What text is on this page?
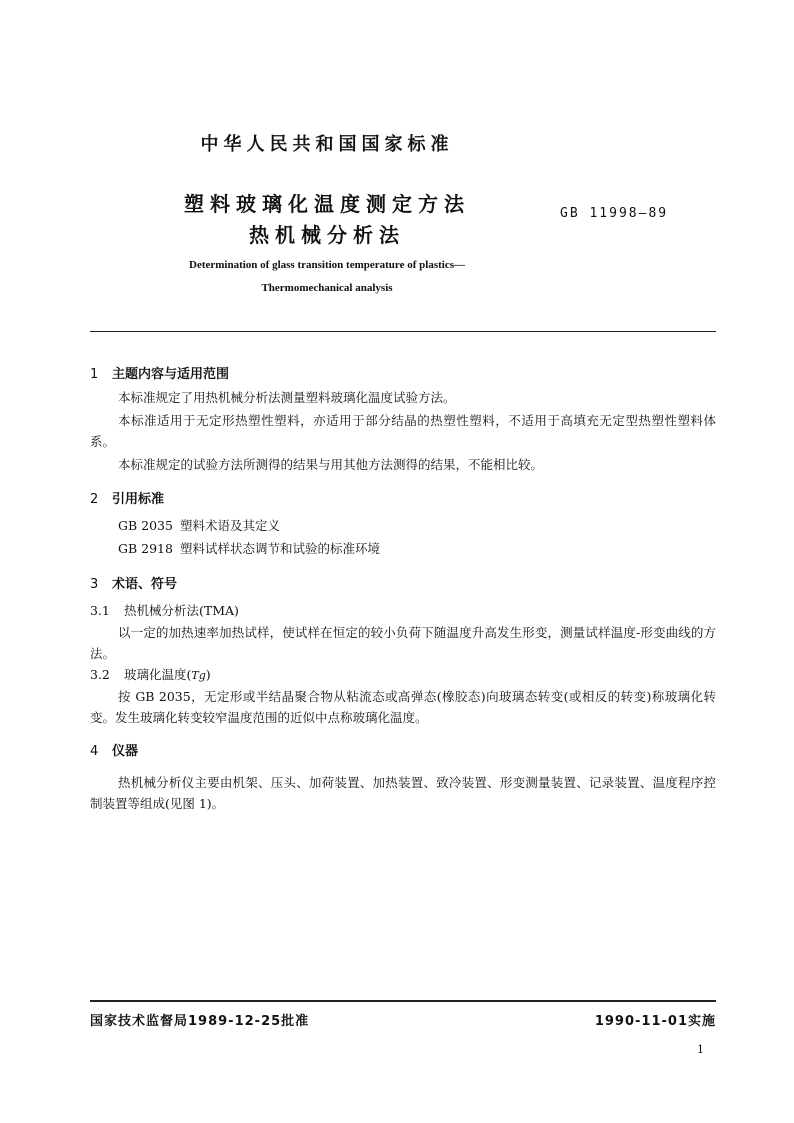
中华人民共和国国家标准
塑料玻璃化温度测定方法
热机械分析法
GB 11998—89
Determination of glass transition temperature of plastics—
Thermomechanical analysis
1 主题内容与适用范围
本标准规定了用热机械分析法测量塑料玻璃化温度试验方法。
本标准适用于无定形热塑性塑料，亦适用于部分结晶的热塑性塑料，不适用于高填充无定型热塑性塑料体系。
本标准规定的试验方法所测得的结果与用其他方法测得的结果，不能相比较。
2 引用标准
GB 2035 塑料术语及其定义
GB 2918 塑料试样状态调节和试验的标准环境
3 术语、符号
3.1 热机械分析法(TMA)
以一定的加热速率加热试样，使试样在恒定的较小负荷下随温度升高发生形变，测量试样温度-形变曲线的方法。
3.2 玻璃化温度(Tg)
按 GB 2035，无定形或半结晶聚合物从粘流态或高弹态(橡胶态)向玻璃态转变(或相反的转变)称玻璃化转变。发生玻璃化转变较窄温度范围的近似中点称玻璃化温度。
4 仪器
热机械分析仪主要由机架、压头、加荷装置、加热装置、致冷装置、形变测量装置、记录装置、温度程序控制装置等组成(见图 1)。
国家技术监督局1989-12-25批准	1990-11-01实施
1
